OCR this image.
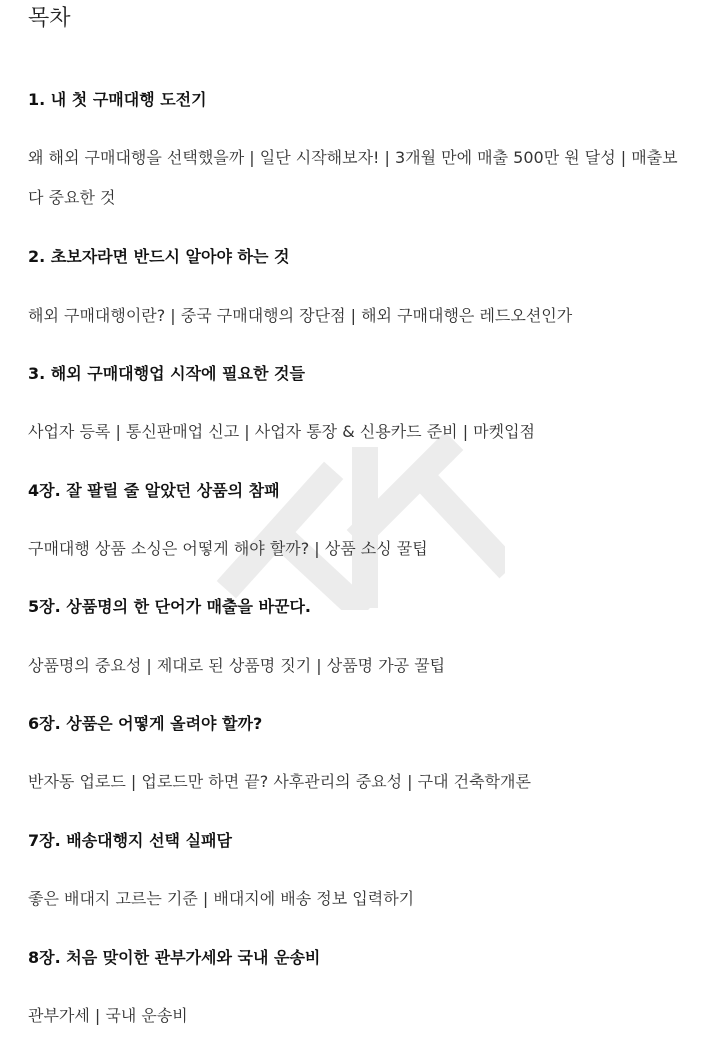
목차
1. 내 첫 구매대행 도전기
왜 해외 구매대행을 선택했을까 | 일단 시작해보자! | 3개월 만에 매출 500만 원 달성 | 매출보다 중요한 것
2. 초보자라면 반드시 알아야 하는 것
해외 구매대행이란? | 중국 구매대행의 장단점 | 해외 구매대행은 레드오션인가
3. 해외 구매대행업 시작에 필요한 것들
사업자 등록 | 통신판매업 신고 | 사업자 통장 & 신용카드 준비 | 마켓입점
4장. 잘 팔릴 줄 알았던 상품의 참패
구매대행 상품 소싱은 어떻게 해야 할까? | 상품 소싱 꿀팁
5장. 상품명의 한 단어가 매출을 바꾼다.
상품명의 중요성 | 제대로 된 상품명 짓기 | 상품명 가공 꿀팁
6장. 상품은 어떻게 올려야 할까?
반자동 업로드 | 업로드만 하면 끝? 사후관리의 중요성 | 구대 건축학개론
7장. 배송대행지 선택 실패담
좋은 배대지 고르는 기준 | 배대지에 배송 정보 입력하기
8장. 처음 맞이한 관부가세와 국내 운송비
관부가세 | 국내 운송비
